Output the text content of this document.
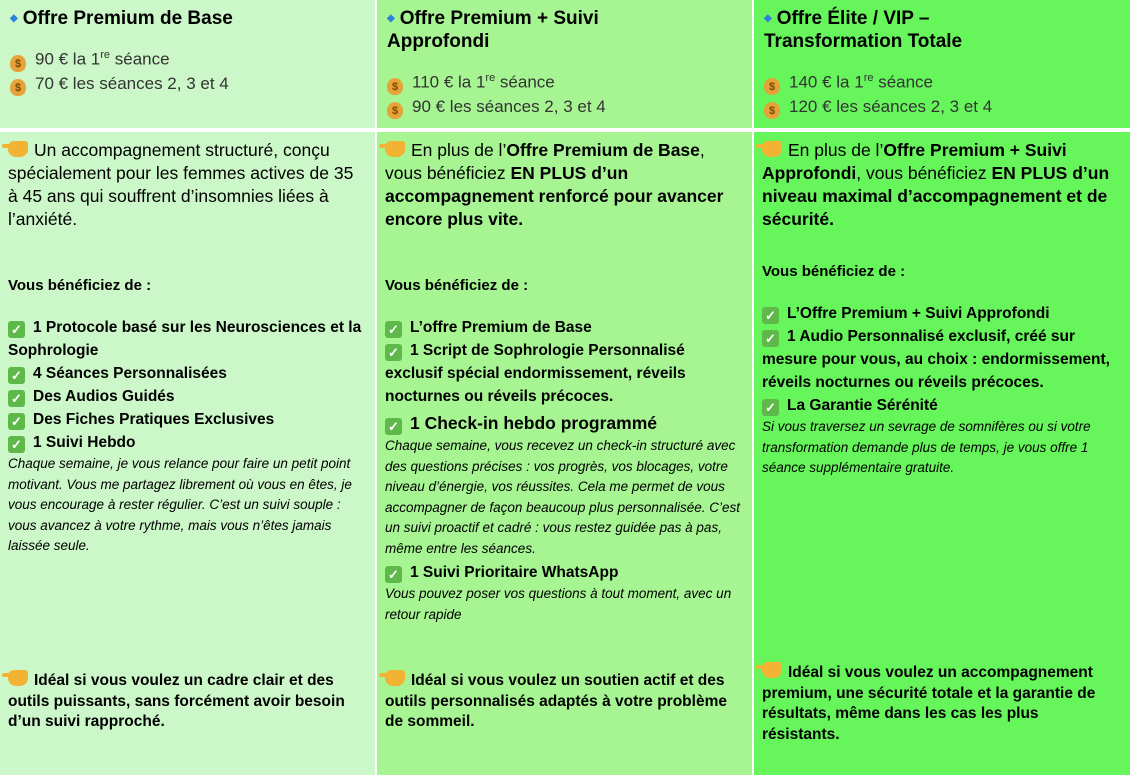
◆ Offre Premium de Base
$ 90 € la 1re séance
$ 70 € les séances 2, 3 et 4
◆ Offre Premium + Suivi
Approfondi
$ 110 € la 1re séance
$ 90 € les séances 2, 3 et 4
◆ Offre Élite / VIP –
Transformation Totale
$ 140 € la 1re séance
$ 120 € les séances 2, 3 et 4
Un accompagnement structuré, conçu spécialement pour les femmes actives de 35 à 45 ans qui souffrent d’insomnies liées à l’anxiété.
Vous bénéficiez de :
✓ 1 Protocole basé sur les Neurosciences et la Sophrologie
✓ 4 Séances Personnalisées
✓ Des Audios Guidés
✓ Des Fiches Pratiques Exclusives
✓ 1 Suivi Hebdo
Chaque semaine, je vous relance pour faire un petit point motivant. Vous me partagez librement où vous en êtes, je vous encourage à rester régulier. C’est un suivi souple : vous avancez à votre rythme, mais vous n’êtes jamais laissée seule.
Idéal si vous voulez un cadre clair et des outils puissants, sans forcément avoir besoin d’un suivi rapproché.
En plus de l’Offre Premium de Base, vous bénéficiez EN PLUS d’un accompagnement renforcé pour avancer encore plus vite.
Vous bénéficiez de :
✓ L’offre Premium de Base
✓ 1 Script de Sophrologie Personnalisé exclusif spécial endormissement, réveils nocturnes ou réveils précoces.
✓ 1 Check-in hebdo programmé
Chaque semaine, vous recevez un check-in structuré avec des questions précises : vos progrès, vos blocages, votre niveau d’énergie, vos réussites. Cela me permet de vous accompagner de façon beaucoup plus personnalisée. C’est un suivi proactif et cadré : vous restez guidée pas à pas, même entre les séances.
✓ 1 Suivi Prioritaire WhatsApp
Vous pouvez poser vos questions à tout moment, avec un retour rapide
Idéal si vous voulez un soutien actif et des outils personnalisés adaptés à votre problème de sommeil.
En plus de l’Offre Premium + Suivi Approfondi, vous bénéficiez EN PLUS d’un niveau maximal d’accompagnement et de sécurité.
Vous bénéficiez de :
✓ L’Offre Premium + Suivi Approfondi
✓ 1 Audio Personnalisé exclusif, créé sur mesure pour vous, au choix : endormissement, réveils nocturnes ou réveils précoces.
✓ La Garantie Sérénité
Si vous traversez un sevrage de somnifères ou si votre transformation demande plus de temps, je vous offre 1 séance supplémentaire gratuite.
Idéal si vous voulez un accompagnement premium, une sécurité totale et la garantie de résultats, même dans les cas les plus résistants.
